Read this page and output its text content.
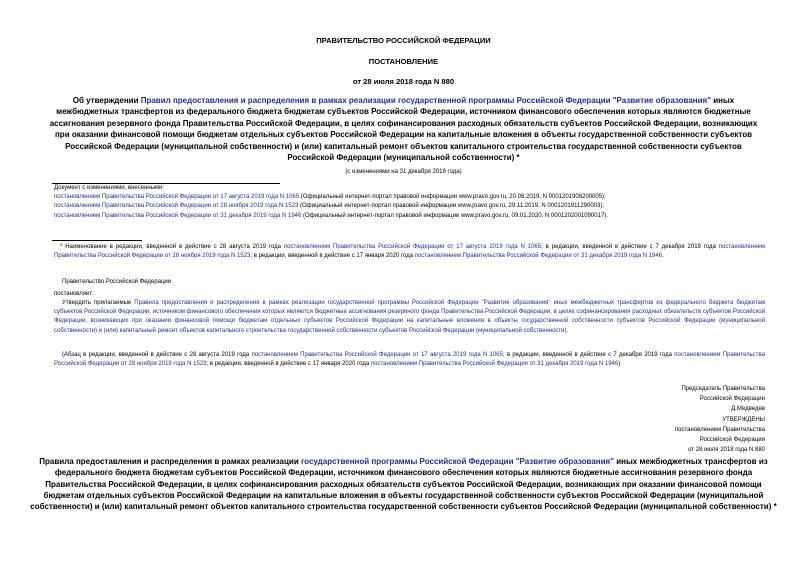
ПРАВИТЕЛЬСТВО РОССИЙСКОЙ ФЕДЕРАЦИИ
ПОСТАНОВЛЕНИЕ
от 28 июля 2018 года N 880
Об утверждении Правил предоставления и распределения в рамках реализации государственной программы Российской Федерации "Развитие образования" иных межбюджетных трансфертов из федерального бюджета бюджетам субъектов Российской Федерации, источником финансового обеспечения которых являются бюджетные ассигнования резервного фонда Правительства Российской Федерации, в целях софинансирования расходных обязательств субъектов Российской Федерации, возникающих при оказании финансовой помощи бюджетам отдельных субъектов Российской Федерации на капитальные вложения в объекты государственной собственности субъектов Российской Федерации (муниципальной собственности) и (или) капитальный ремонт объектов капитального строительства государственной собственности субъектов Российской Федерации (муниципальной собственности) *
(с изменениями на 31 декабря 2019 года)
Документ с изменениями, внесенными:
постановлением Правительства Российской Федерации от 17 августа 2019 года N 1065 (Официальный интернет-портал правовой информации www.pravo.gov.ru, 20.08.2019, N 0001201908200005);
постановлением Правительства Российской Федерации от 28 ноября 2019 года N 1523 (Официальный интернет-портал правовой информации www.pravo.gov.ru, 29.11.2019, N 0001201911290003);
постановлением Правительства Российской Федерации от 31 декабря 2019 года N 1946 (Официальный интернет-портал правовой информации www.pravo.gov.ru, 09.01.2020, N 0001202001090017).
* Наименование в редакции, введенной в действие с 28 августа 2019 года постановлением Правительства Российской Федерации от 17 августа 2019 года N 1065; в редакции, введенной в действие с 7 декабря 2019 года постановлением Правительства Российской Федерации от 28 ноября 2019 года N 1523; в редакции, введенной в действие с 17 января 2020 года постановлением Правительства Российской Федерации от 31 декабря 2019 года N 1946.
Правительство Российской Федерации
постановляет:
Утвердить прилагаемые Правила предоставления и распределения в рамках реализации государственной программы Российской Федерации "Развитие образования" иных межбюджетных трансфертов из федерального бюджета бюджетам субъектов Российской Федерации, источником финансового обеспечения которых являются бюджетные ассигнования резервного фонда Правительства Российской Федерации, в целях софинансирования расходных обязательств субъектов Российской Федерации, возникающих при оказании финансовой помощи бюджетам отдельных субъектов Российской Федерации на капитальные вложения в объекты государственной собственности субъектов Российской Федерации (муниципальной собственности) и (или) капитальный ремонт объектов капитального строительства государственной собственности субъектов Российской Федерации (муниципальной собственности).
(Абзац в редакции, введенной в действие с 28 августа 2019 года постановлением Правительства Российской Федерации от 17 августа 2019 года N 1065; в редакции, введенной в действие с 7 декабря 2019 года постановлением Правительства Российской Федерации от 28 ноября 2019 года N 1523; в редакции, введенной в действие с 17 января 2020 года постановлением Правительства Российской Федерации от 31 декабря 2019 года N 1946)
Председатель Правительства
Российской Федерации
Д.Медведев
УТВЕРЖДЕНЫ
постановлением Правительства
Российской Федерации
от 28 июля 2018 года N 880
Правила предоставления и распределения в рамках реализации государственной программы Российской Федерации "Развитие образования" иных межбюджетных трансфертов из федерального бюджета бюджетам субъектов Российской Федерации, источником финансового обеспечения которых являются бюджетные ассигнования резервного фонда Правительства Российской Федерации, в целях софинансирования расходных обязательств субъектов Российской Федерации, возникающих при оказании финансовой помощи бюджетам отдельных субъектов Российской Федерации на капитальные вложения в объекты государственной собственности субъектов Российской Федерации (муниципальной собственности) и (или) капитальный ремонт объектов капитального строительства государственной собственности субъектов Российской Федерации (муниципальной собственности) *
